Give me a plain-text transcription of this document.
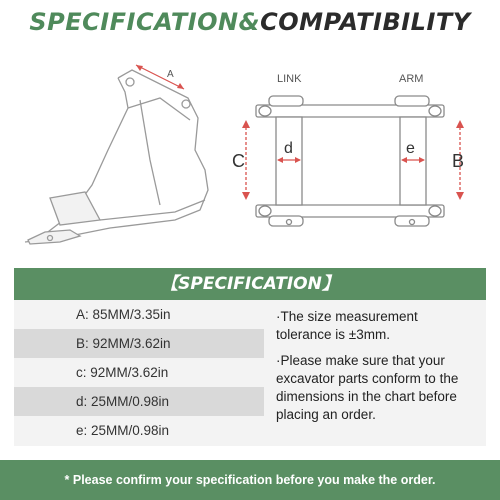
SPECIFICATION&COMPATIBILITY
A	LINK	ARM
C
d	e
B
【SPECIFICATION】
A: 85MM/3.35in
B: 92MM/3.62in
c: 92MM/3.62in
d: 25MM/0.98in
e: 25MM/0.98in

·The size measurement tolerance is ±3mm.

·Please make sure that your excavator parts conform to the dimensions in the chart before placing an order.

* Please confirm your specification before you make the order.
